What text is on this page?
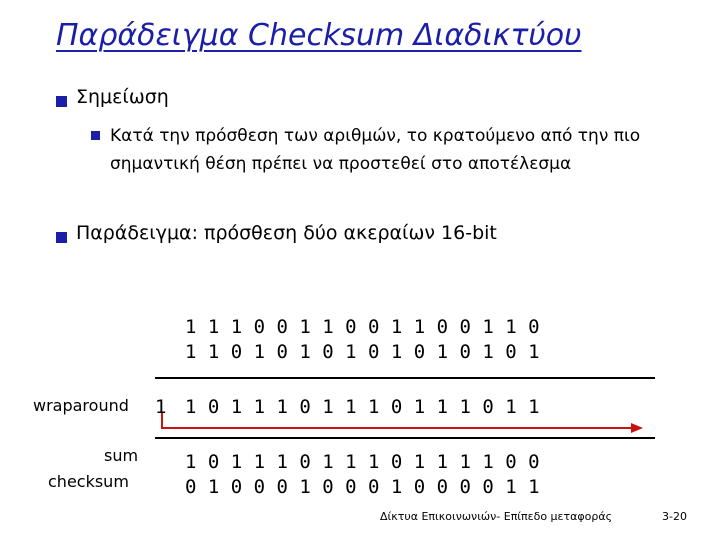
Παράδειγμα Checksum Διαδικτύου
Σημείωση
Κατά την πρόσθεση των αριθμών, το κρατούμενο από την πιο σημαντική θέση πρέπει να προστεθεί στο αποτέλεσμα
Παράδειγμα: πρόσθεση δύο ακεραίων 16-bit
1 1 1 0 0 1 1 0 0 1 1 0 0 1 1 0
1 1 0 1 0 1 0 1 0 1 0 1 0 1 0 1
wraparound 1 1 0 1 1 1 0 1 1 1 0 1 1 1 0 1 1
sum 1 0 1 1 1 0 1 1 1 0 1 1 1 1 0 0
checksum	0 1 0 0 0 1 0 0 0 1 0 0 0 0 1 1
Δίκτυα Επικοινωνιών- Επίπεδο μεταφοράς	3-20
